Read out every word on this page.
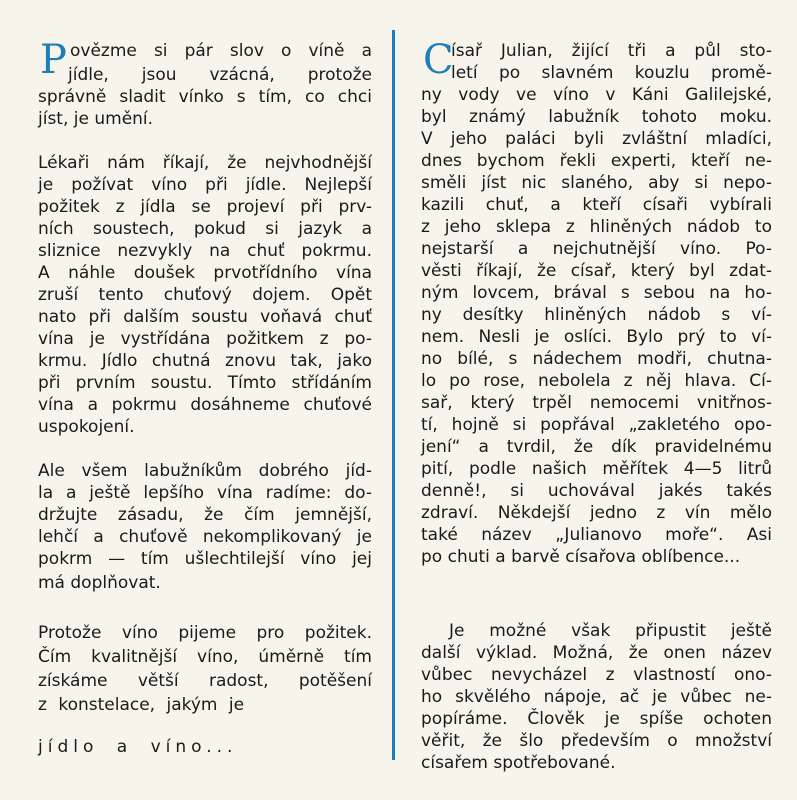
P ovězme si pár slov o víně a
jídle, jsou vzácná, protože
správně sladit vínko s tím, co chci
jíst, je umění.
Lékaři nám říkají, že nejvhodnější
je požívat víno při jídle. Nejlepší
požitek z jídla se projeví při prv-
ních soustech, pokud si jazyk a
sliznice nezvykly na chuť pokrmu.
A náhle doušek prvotřídního vína
zruší tento chuťový dojem. Opět
nato při dalším soustu voňavá chuť
vína je vystřídána požitkem z po-
krmu. Jídlo chutná znovu tak, jako
při prvním soustu. Tímto střídáním
vína a pokrmu dosáhneme chuťové
uspokojení.
Ale všem labužníkům dobrého jíd-
la a ještě lepšího vína radíme: do-
držujte zásadu, že čím jemnější,
lehčí a chuťově nekomplikovaný je
pokrm — tím ušlechtilejší víno jej
má doplňovat.
Protože víno pijeme pro požitek.
Čím kvalitnější víno, úměrně tím
získáme větší radost, potěšení
z konstelace, jakým je
jídlo a víno...
C
ísař Julian, žijící tři a půl sto-
letí po slavném kouzlu promě-
ny vody ve víno v Káni Galilejské,
byl známý labužník tohoto moku.
V jeho paláci byli zvláštní mladíci,
dnes bychom řekli experti, kteří ne-
směli jíst nic slaného, aby si nepo-
kazili chuť, a kteří císaři vybírali
z jeho sklepa z hliněných nádob to
nejstarší a nejchutnější víno. Po-
věsti říkají, že císař, který byl zdat-
ným lovcem, brával s sebou na ho-
ny desítky hliněných nádob s ví-
nem. Nesli je oslíci. Bylo prý to ví-
no bílé, s nádechem modři, chutna-
lo po rose, nebolela z něj hlava. Cí-
sař, který trpěl nemocemi vnitřnos-
tí, hojně si popřával „zakletého opo-
jení“ a tvrdil, že dík pravidelnému
pití, podle našich měřítek 4—5 litrů
denně!, si uchovával jakés takés
zdraví. Někdejší jedno z vín mělo
také název „Julianovo moře“. Asi
po chuti a barvě císařova oblíbence...
Je možné však připustit ještě
další výklad. Možná, že onen název
vůbec nevycházel z vlastností ono-
ho skvělého nápoje, ač je vůbec ne-
popíráme. Člověk je spíše ochoten
věřit, že šlo především o množství
císařem spotřebované.
